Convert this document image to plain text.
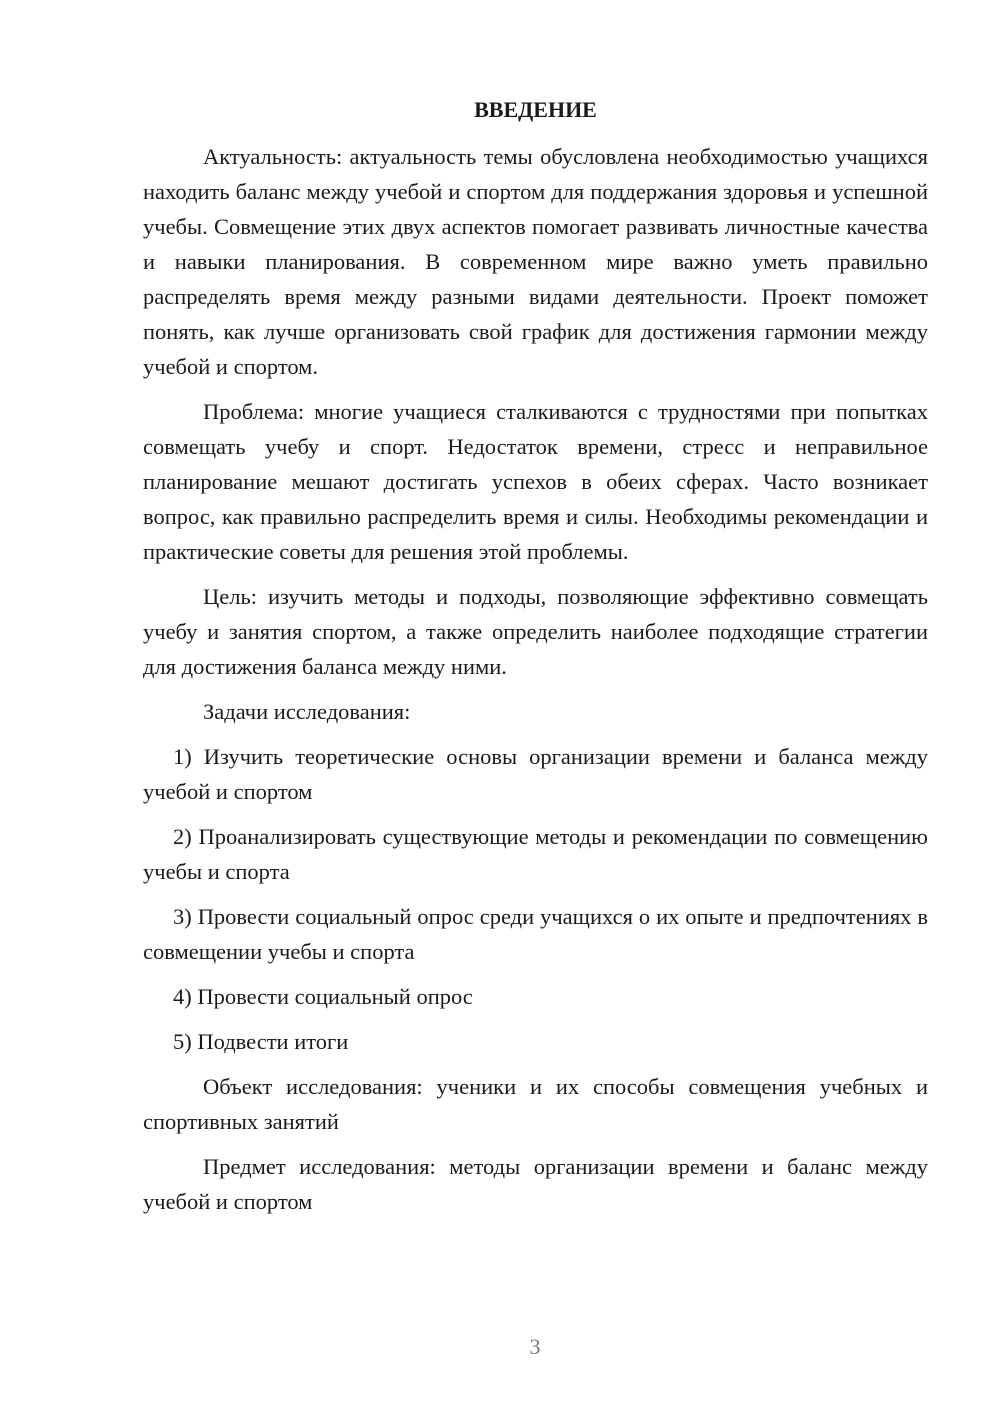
ВВЕДЕНИЕ

Актуальность: актуальность темы обусловлена необходимостью учащихся находить баланс между учебой и спортом для поддержания здоровья и успешной учебы. Совмещение этих двух аспектов помогает развивать личностные качества и навыки планирования. В современном мире важно уметь правильно распределять время между разными видами деятельности. Проект поможет понять, как лучше организовать свой график для достижения гармонии между учебой и спортом.

Проблема: многие учащиеся сталкиваются с трудностями при попытках совмещать учебу и спорт. Недостаток времени, стресс и неправильное планирование мешают достигать успехов в обеих сферах. Часто возникает вопрос, как правильно распределить время и силы. Необходимы рекомендации и практические советы для решения этой проблемы.

Цель: изучить методы и подходы, позволяющие эффективно совмещать учебу и занятия спортом, а также определить наиболее подходящие стратегии для достижения баланса между ними.

Задачи исследования:

1) Изучить теоретические основы организации времени и баланса между учебой и спортом

2) Проанализировать существующие методы и рекомендации по совмещению учебы и спорта

3) Провести социальный опрос среди учащихся о их опыте и предпочтениях в совмещении учебы и спорта

4) Провести социальный опрос

5) Подвести итоги

Объект исследования: ученики и их способы совмещения учебных и спортивных занятий

Предмет исследования: методы организации времени и баланс между учебой и спортом

3
